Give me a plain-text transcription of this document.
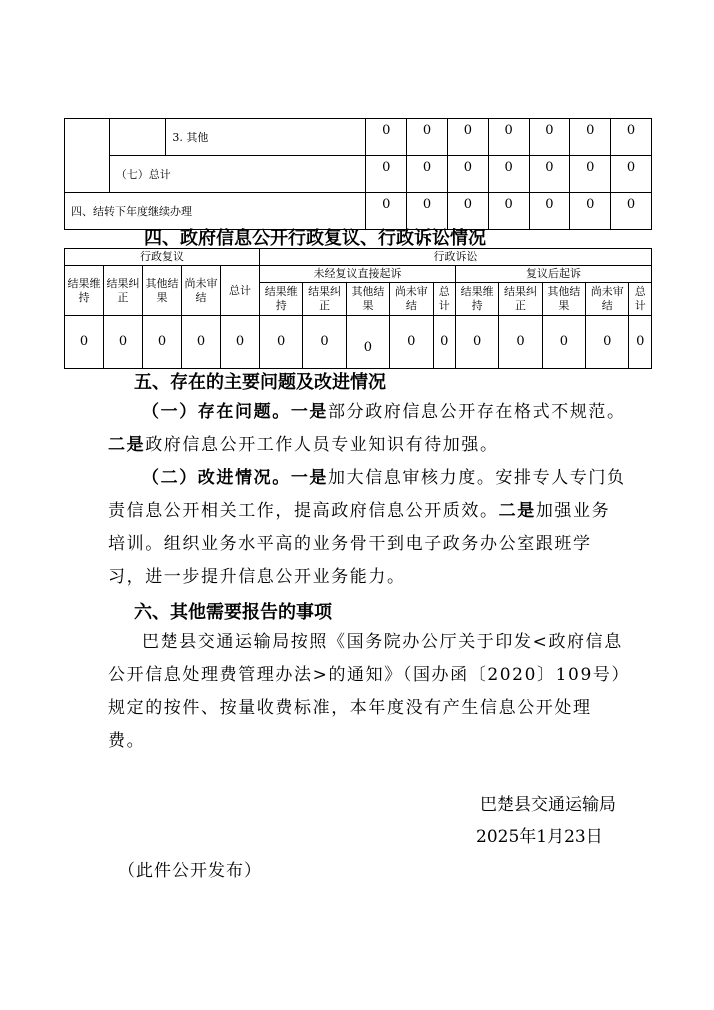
		3. 其他	0	0	0	0	0	0	0
	（七）总计		0	0	0	0	0	0	0
四、结转下年度继续办理			0	0	0	0	0	0	0
四、政府信息公开行政复议、行政诉讼情况
行政复议					行政诉讼									
结果维持	结果纠正	其他结果	尚未审结	总计	未经复议直接起诉					复议后起诉				
					结果维持	结果纠正	其他结果	尚未审结	总计	结果维持	结果纠正	其他结果	尚未审结	总计
0	0	0	0	0	0	0	0	0	0	0	0	0	0	0
五、存在的主要问题及改进情况
（一）存在问题。一是部分政府信息公开存在格式不规范。二是政府信息公开工作人员专业知识有待加强。
（二）改进情况。一是加大信息审核力度。安排专人专门负责信息公开相关工作，提高政府信息公开质效。二是加强业务培训。组织业务水平高的业务骨干到电子政务办公室跟班学习，进一步提升信息公开业务能力。
六、其他需要报告的事项
巴楚县交通运输局按照《国务院办公厅关于印发<政府信息公开信息处理费管理办法>的通知》（国办函〔2020〕109号）规定的按件、按量收费标准，本年度没有产生信息公开处理费。
巴楚县交通运输局
2025年1月23日
（此件公开发布）
